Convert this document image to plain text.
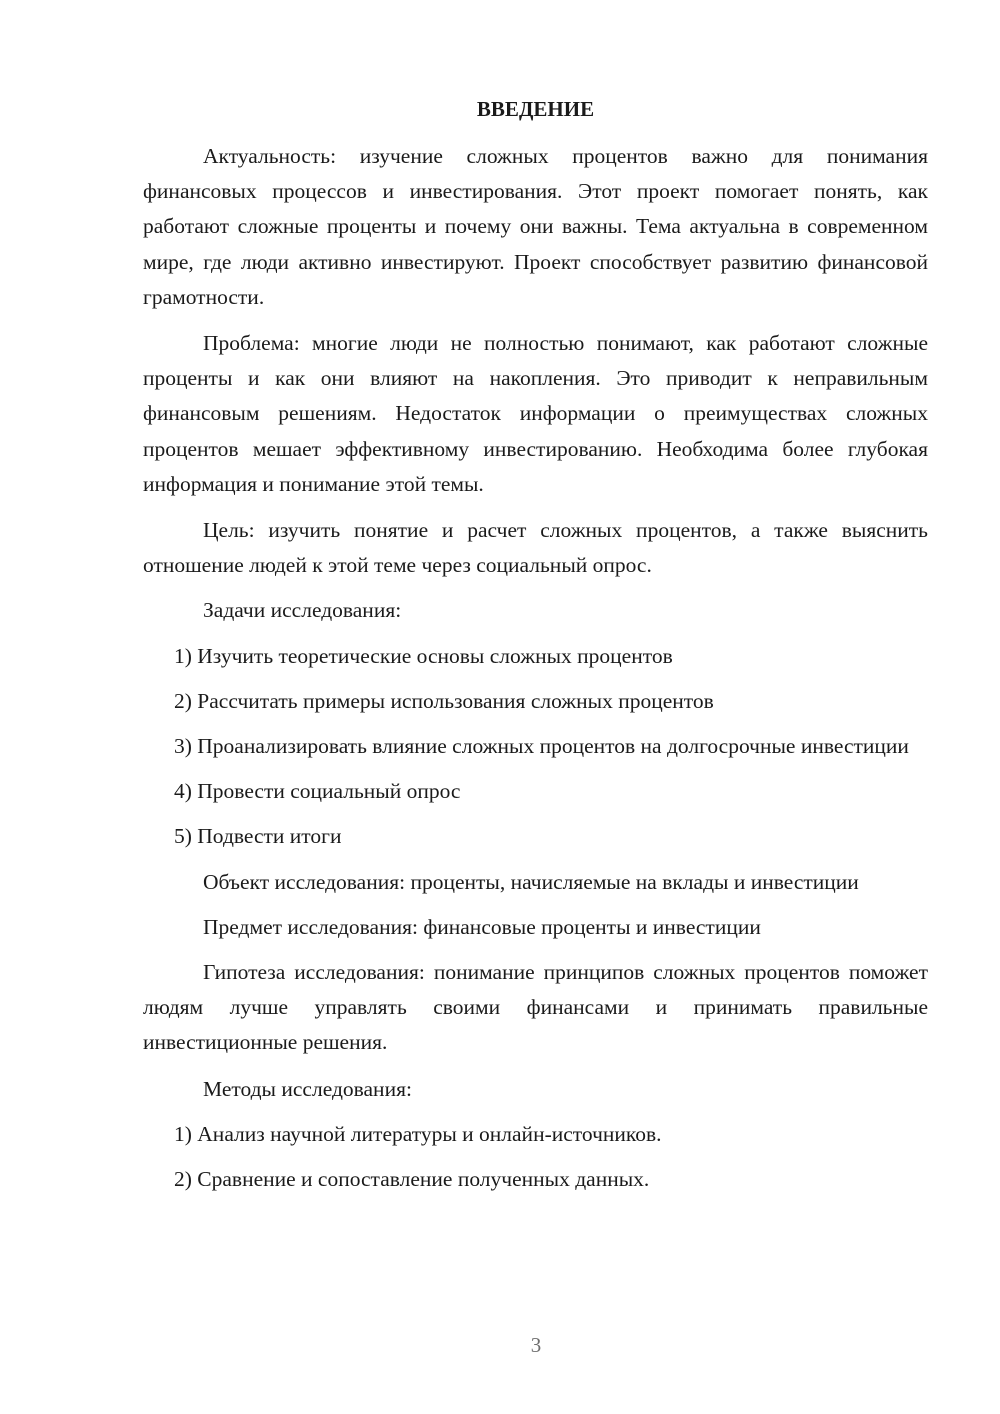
ВВЕДЕНИЕ

Актуальность: изучение сложных процентов важно для понимания финансовых процессов и инвестирования. Этот проект помогает понять, как работают сложные проценты и почему они важны. Тема актуальна в современном мире, где люди активно инвестируют. Проект способствует развитию финансовой грамотности.

Проблема: многие люди не полностью понимают, как работают сложные проценты и как они влияют на накопления. Это приводит к неправильным финансовым решениям. Недостаток информации о преимуществах сложных процентов мешает эффективному инвестированию. Необходима более глубокая информация и понимание этой темы.

Цель: изучить понятие и расчет сложных процентов, а также выяснить отношение людей к этой теме через социальный опрос.

Задачи исследования:

1) Изучить теоретические основы сложных процентов

2) Рассчитать примеры использования сложных процентов

3) Проанализировать влияние сложных процентов на долгосрочные инвестиции

4) Провести социальный опрос

5) Подвести итоги

Объект исследования: проценты, начисляемые на вклады и инвестиции

Предмет исследования: финансовые проценты и инвестиции

Гипотеза исследования: понимание принципов сложных процентов поможет людям лучше управлять своими финансами и принимать правильные инвестиционные решения.

Методы исследования:

1) Анализ научной литературы и онлайн-источников.

2) Сравнение и сопоставление полученных данных.

3
